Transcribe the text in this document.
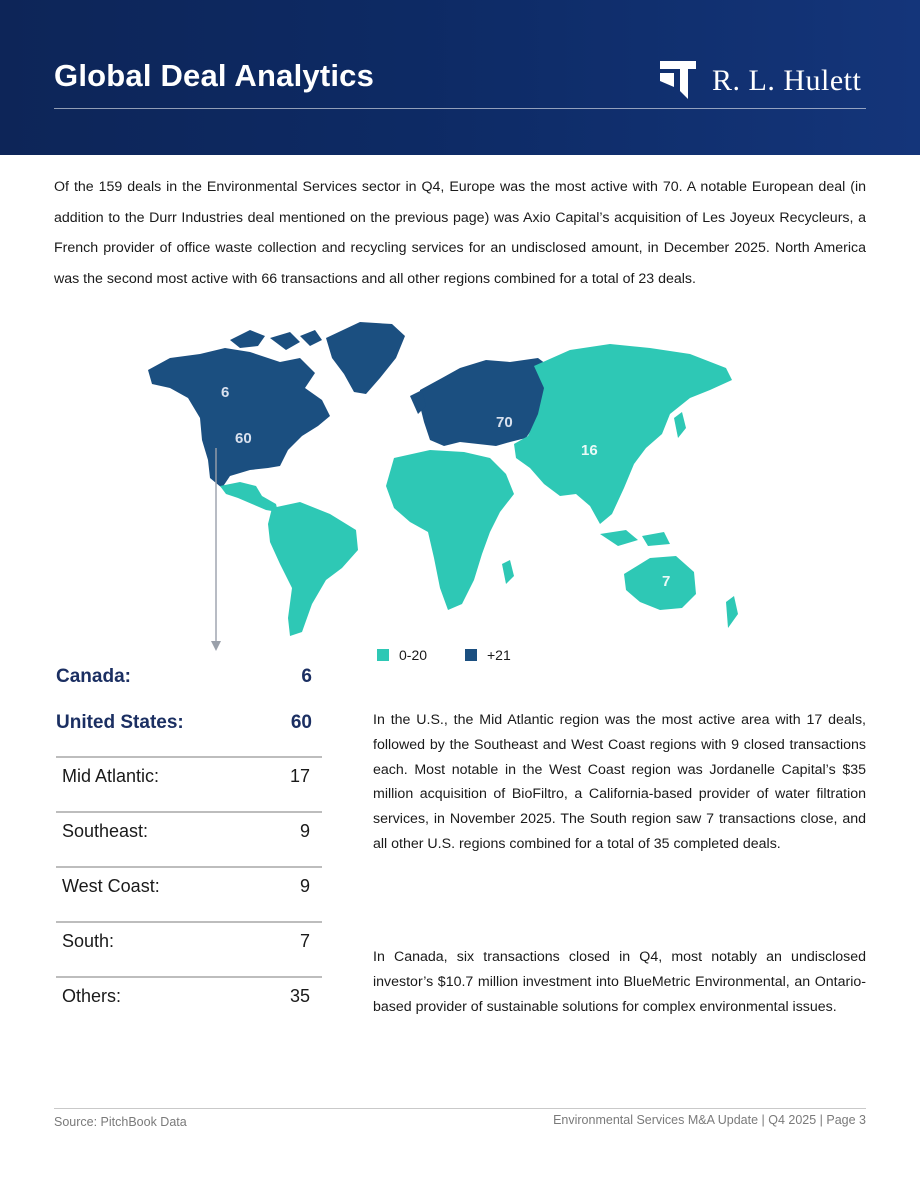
Global Deal Analytics	R. L. Hulett

Of the 159 deals in the Environmental Services sector in Q4, Europe was the most active with 70. A notable European deal (in addition to the Durr Industries deal mentioned on the previous page) was Axio Capital’s acquisition of Les Joyeux Recycleurs, a French provider of office waste collection and recycling services for an undisclosed amount, in December 2025. North America was the second most active with 66 transactions and all other regions combined for a total of 23 deals.

6
60
70
16
7
0-20	+21
Canada:	6
United States:	60
Mid Atlantic:	17
Southeast:	9
West Coast:	9
South:	7
Others:	35

In the U.S., the Mid Atlantic region was the most active area with 17 deals, followed by the Southeast and West Coast regions with 9 closed transactions each. Most notable in the West Coast region was Jordanelle Capital’s $35 million acquisition of BioFiltro, a California-based provider of water filtration services, in November 2025. The South region saw 7 transactions close, and all other U.S. regions combined for a total of 35 completed deals.

In Canada, six transactions closed in Q4, most notably an undisclosed investor’s $10.7 million investment into BlueMetric Environmental, an Ontario-based provider of sustainable solutions for complex environmental issues.

Source: PitchBook Data	Environmental Services M&A Update | Q4 2025 | Page 3
